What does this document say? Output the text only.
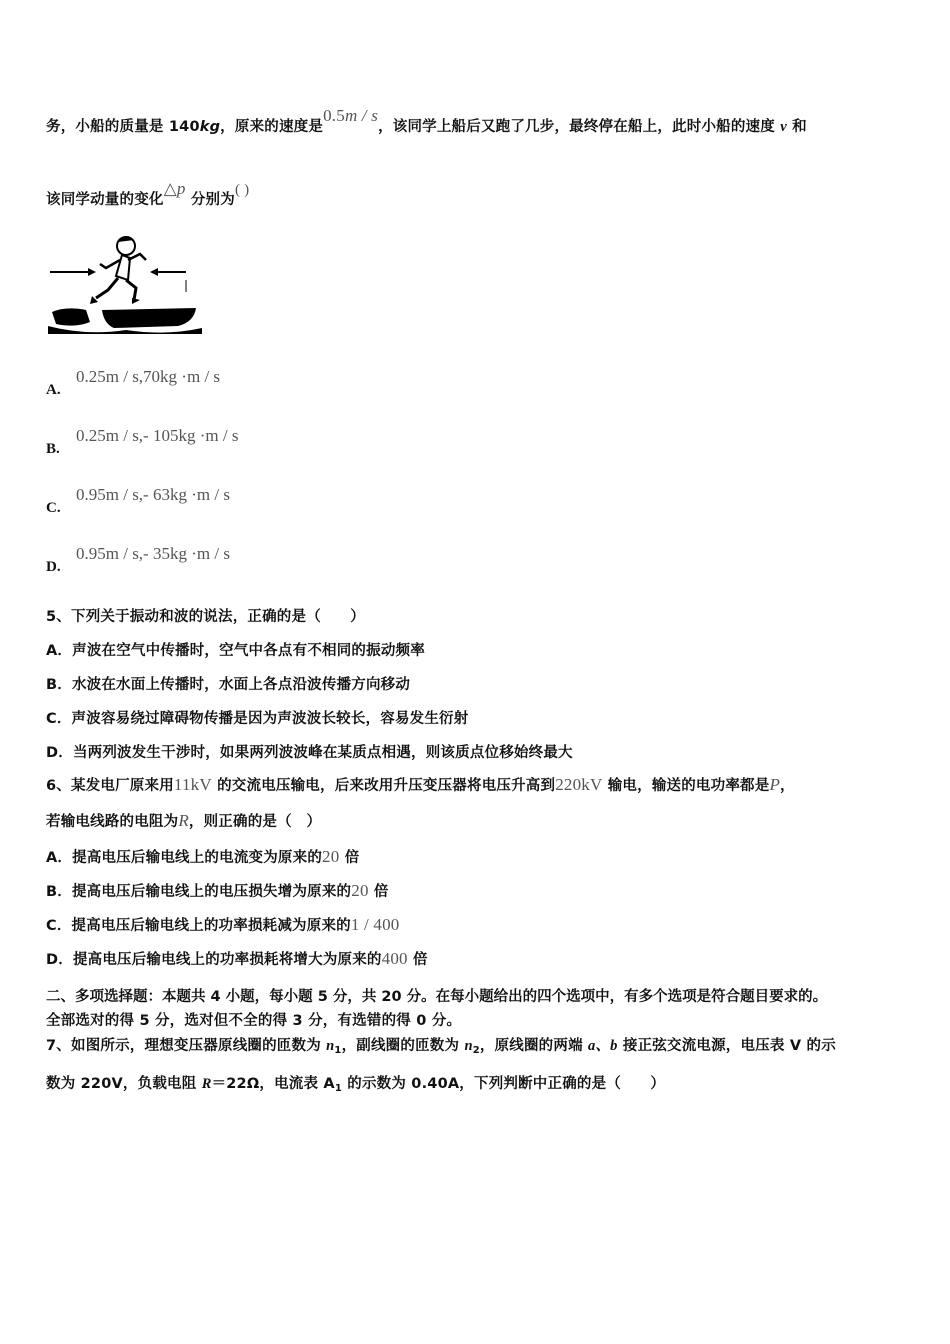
务，小船的质量是 140kg，原来的速度是0.5m / s，该同学上船后又跑了几步，最终停在船上，此时小船的速度 v 和
该同学动量的变化△p 分别为( )
0.25m / s,70kg ·m / s
A.
0.25m / s,- 105kg ·m / s
B.
0.95m / s,- 63kg ·m / s
C.
0.95m / s,- 35kg ·m / s
D.
5、下列关于振动和波的说法，正确的是（　　）
A．声波在空气中传播时，空气中各点有不相同的振动频率
B．水波在水面上传播时，水面上各点沿波传播方向移动
C．声波容易绕过障碍物传播是因为声波波长较长，容易发生衍射
D．当两列波发生干涉时，如果两列波波峰在某质点相遇，则该质点位移始终最大
6、某发电厂原来用11kV 的交流电压输电，后来改用升压变压器将电压升高到220kV 输电，输送的电功率都是P，
若输电线路的电阻为R，则正确的是（　）
A．提高电压后输电线上的电流变为原来的20 倍
B．提高电压后输电线上的电压损失增为原来的20 倍
C．提高电压后输电线上的功率损耗减为原来的1 / 400
D．提高电压后输电线上的功率损耗将增大为原来的400 倍
二、多项选择题：本题共 4 小题，每小题 5 分，共 20 分。在每小题给出的四个选项中，有多个选项是符合题目要求的。
全部选对的得 5 分，选对但不全的得 3 分，有选错的得 0 分。
7、如图所示，理想变压器原线圈的匝数为 $n_1$，副线圈的匝数为 $n_2$，原线圈的两端 a、b 接正弦交流电源，电压表 V 的示
数为 220V，负载电阻 R＝22Ω，电流表 $A_1$ 的示数为 0.40A，下列判断中正确的是（　　）
